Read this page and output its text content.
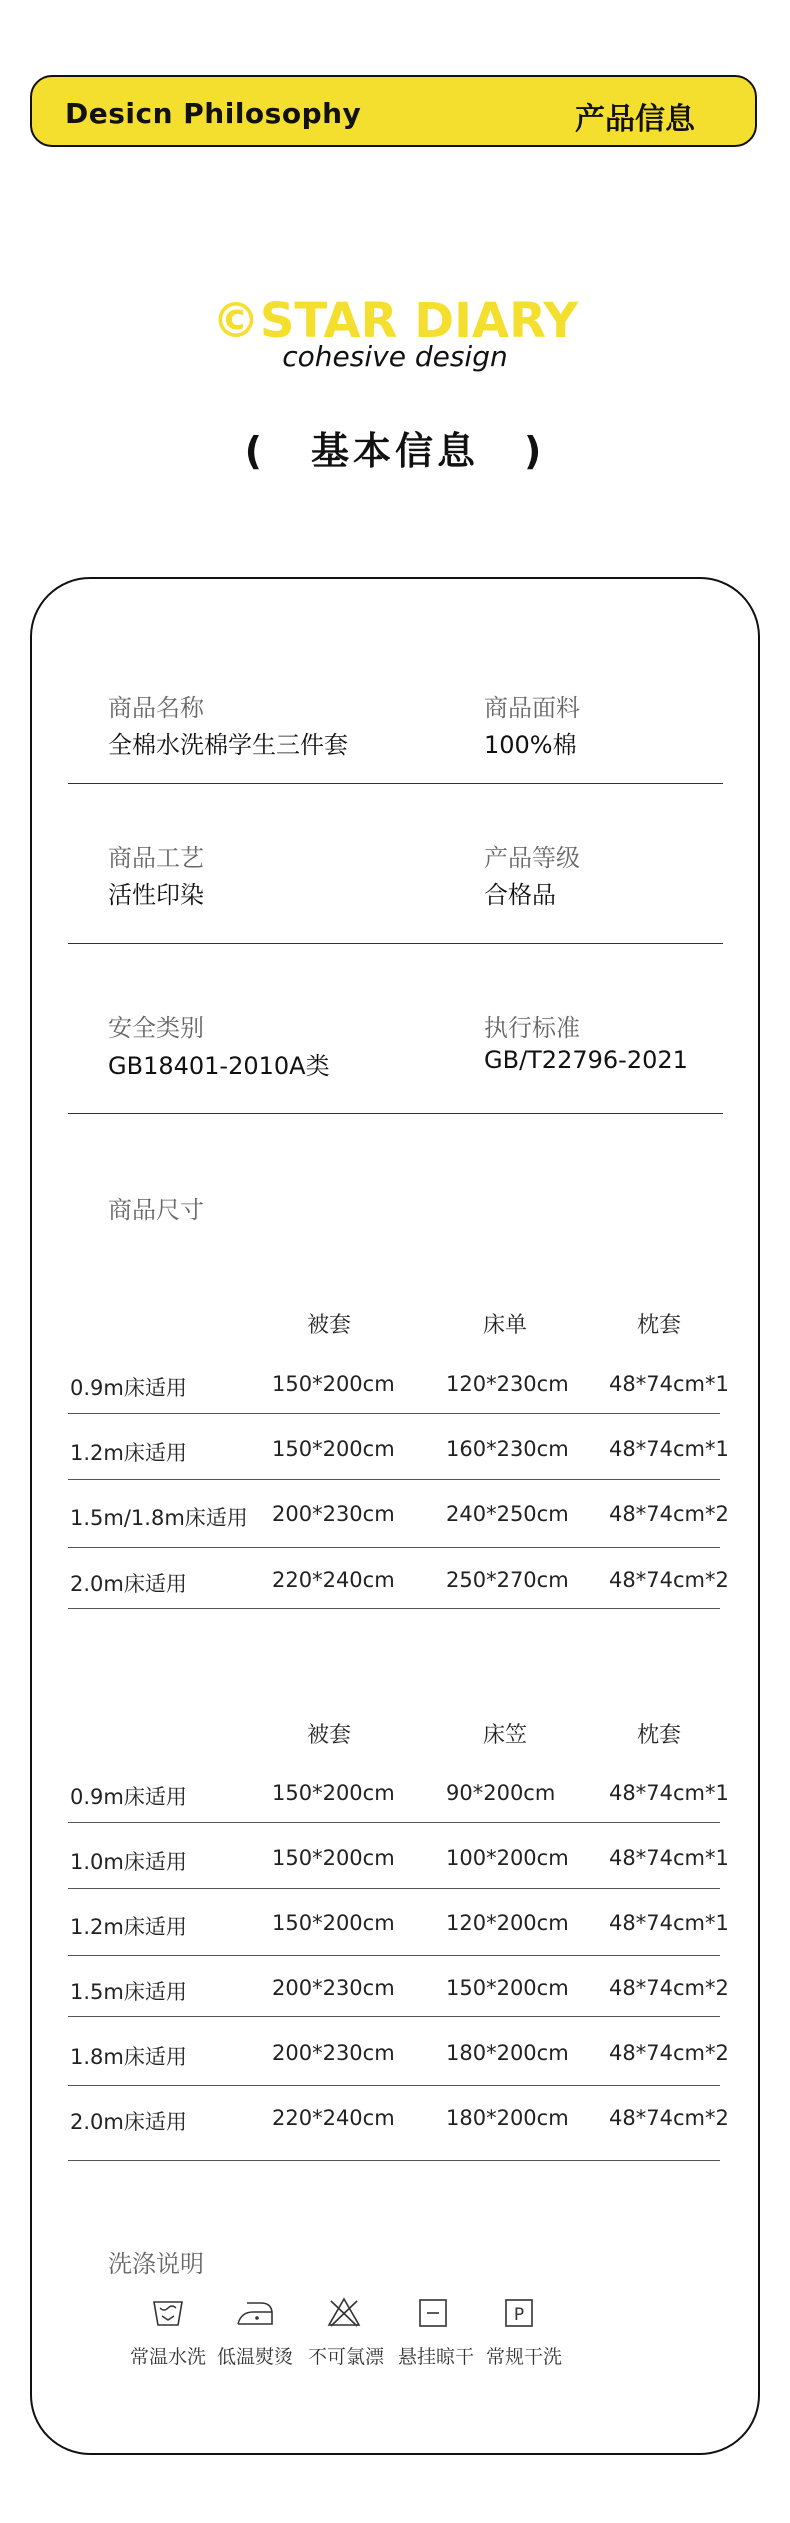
Desicn Philosophy	产品信息
©STAR DIARY
cohesive design
( 基本信息 )
商品名称
全棉水洗棉学生三件套
商品面料
100%棉
商品工艺
活性印染
产品等级
合格品
安全类别
GB18401-2010A类
执行标准
GB/T22796-2021
商品尺寸
被套	床单	枕套
0.9m床适用	150*200cm 120*230cm 48*74cm*1
1.2m床适用	150*200cm 160*230cm 48*74cm*1
1.5m/1.8m床适用 200*230cm 240*250cm 48*74cm*2
2.0m床适用	220*240cm 250*270cm 48*74cm*2
被套	床笠	枕套
0.9m床适用	150*200cm 90*200cm	48*74cm*1
1.0m床适用	150*200cm 100*200cm 48*74cm*1
1.2m床适用	150*200cm 120*200cm 48*74cm*1
1.5m床适用	200*230cm 150*200cm 48*74cm*2
1.8m床适用	200*230cm 180*200cm 48*74cm*2
2.0m床适用	220*240cm 180*200cm 48*74cm*2
洗涤说明
P
常温水洗 低温熨烫 不可氯漂 悬挂晾干 常规干洗
